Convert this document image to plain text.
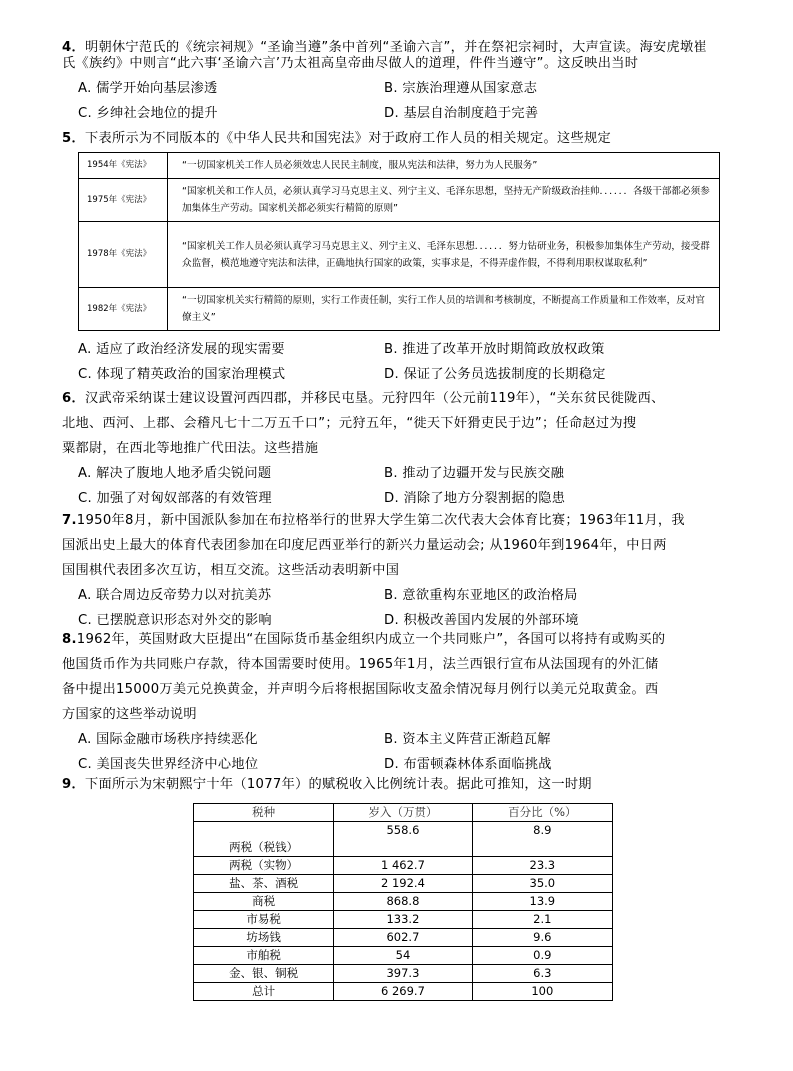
4．明朝休宁范氏的《统宗祠规》“圣谕当遵”条中首列“圣谕六言”，并在祭祀宗祠时，大声宣读。海安虎墩崔
氏《族约》中则言“此六事‘圣谕六言’乃太祖高皇帝曲尽做人的道理，件件当遵守”。这反映出当时

A. 儒学开始向基层渗透	B. 宗族治理遵从国家意志
C. 乡绅社会地位的提升	D. 基层自治制度趋于完善

5．下表所示为不同版本的《中华人民共和国宪法》对于政府工作人员的相关规定。这些规定

1954年《宪法》	“一切国家机关工作人员必须效忠人民民主制度，服从宪法和法律，努力为人民服务”
1975年《宪法》	“国家机关和工作人员，必须认真学习马克思主义、列宁主义、毛泽东思想，坚持无产阶级政治挂帅．．．．．．各级干部都必须参加集体生产劳动。国家机关都必须实行精简的原则”
1978年《宪法》	“国家机关工作人员必须认真学习马克思主义、列宁主义、毛泽东思想．．．．．．努力钻研业务，积极参加集体生产劳动，接受群众监督，模范地遵守宪法和法律，正确地执行国家的政策，实事求是，不得弄虚作假，不得利用职权谋取私利”
1982年《宪法》	“一切国家机关实行精简的原则，实行工作责任制，实行工作人员的培训和考核制度，不断提高工作质量和工作效率，反对官僚主义”
A. 适应了政治经济发展的现实需要	B. 推进了改革开放时期简政放权政策
C. 体现了精英政治的国家治理模式	D. 保证了公务员选拔制度的长期稳定

6．汉武帝采纳谋士建议设置河西四郡，并移民屯垦。元狩四年（公元前119年），“关东贫民徙陇西、
北地、西河、上郡、会稽凡七十二万五千口”；元狩五年，“徙天下奸猾吏民于边”；任命赵过为搜
粟都尉，在西北等地推广代田法。这些措施

A. 解决了腹地人地矛盾尖锐问题	B. 推动了边疆开发与民族交融
C. 加强了对匈奴部落的有效管理	D. 消除了地方分裂割据的隐患

7.1950年8月，新中国派队参加在布拉格举行的世界大学生第二次代表大会体育比赛；1963年11月，我
国派出史上最大的体育代表团参加在印度尼西亚举行的新兴力量运动会; 从1960年到1964年，中日两
国围棋代表团多次互访，相互交流。这些活动表明新中国

A. 联合周边反帝势力以对抗美苏	B. 意欲重构东亚地区的政治格局
C. 已摆脱意识形态对外交的影响	D. 积极改善国内发展的外部环境

8.1962年，英国财政大臣提出“在国际货币基金组织内成立一个共同账户”，各国可以将持有或购买的
他国货币作为共同账户存款，待本国需要时使用。1965年1月，法兰西银行宣布从法国现有的外汇储
备中提出15000万美元兑换黄金，并声明今后将根据国际收支盈余情况每月例行以美元兑取黄金。西
方国家的这些举动说明

A. 国际金融市场秩序持续恶化	B. 资本主义阵营正渐趋瓦解
C. 美国丧失世界经济中心地位	D. 布雷顿森林体系面临挑战

9．下面所示为宋朝熙宁十年（1077年）的赋税收入比例统计表。据此可推知，这一时期

税种	岁入（万贯）	百分比（%）
两税（税钱）	558.6	8.9
两税（实物）	1 462.7	23.3
盐、茶、酒税	2 192.4	35.0
商税	868.8	13.9
市易税	133.2	2.1
坊场钱	602.7	9.6
市舶税	54	0.9
金、银、铜税	397.3	6.3
总计	6 269.7	100
